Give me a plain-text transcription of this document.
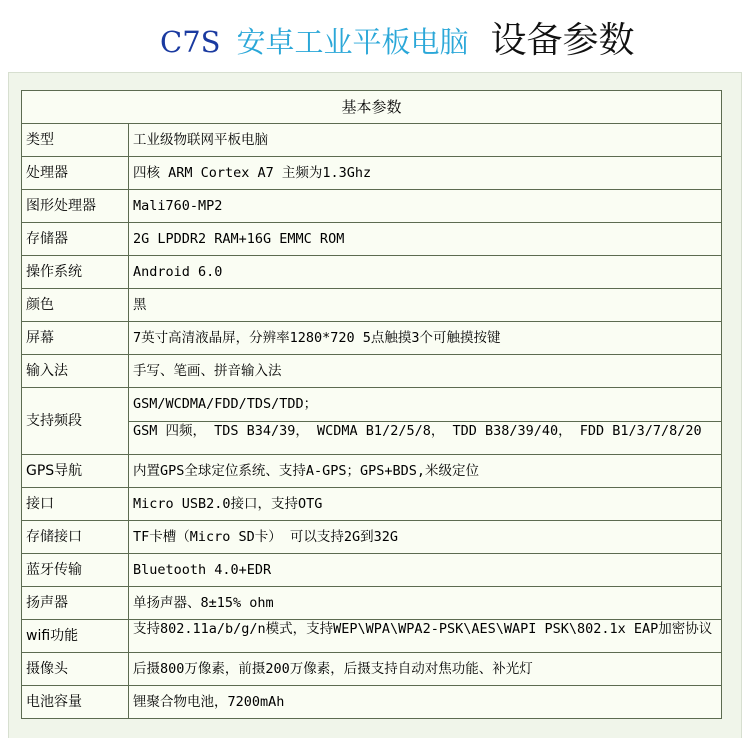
C7S 安卓工业平板电脑 设备参数
基本参数	
类型	工业级物联网平板电脑
处理器	四核 ARM Cortex A7 主频为1.3Ghz
图形处理器	Mali760-MP2
存储器	2G LPDDR2 RAM+16G EMMC ROM
操作系统	Android 6.0
颜色	黑
屏幕	7英寸高清液晶屏，分辨率1280*720 5点触摸3个可触摸按键
输入法	手写、笔画、拼音输入法
支持频段	GSM/WCDMA/FDD/TDS/TDD；

	GSM 四频， TDS B34/39， WCDMA B1/2/5/8， TDD B38/39/40， FDD B1/3/7/8/20

GPS导航	内置GPS全球定位系统、支持A-GPS；GPS+BDS,米级定位
接口	Micro USB2.0接口，支持OTG
存储接口	TF卡槽（Micro SD卡） 可以支持2G到32G
蓝牙传输	Bluetooth 4.0+EDR
扬声器	单扬声器、8±15% ohm
wifi功能	支持802.11a/b/g/n模式，支持WEP\WPA\WPA2-PSK\AES\WAPI PSK\802.1x EAP加密协议

摄像头	后摄800万像素，前摄200万像素，后摄支持自动对焦功能、补光灯
电池容量	锂聚合物电池，7200mAh
